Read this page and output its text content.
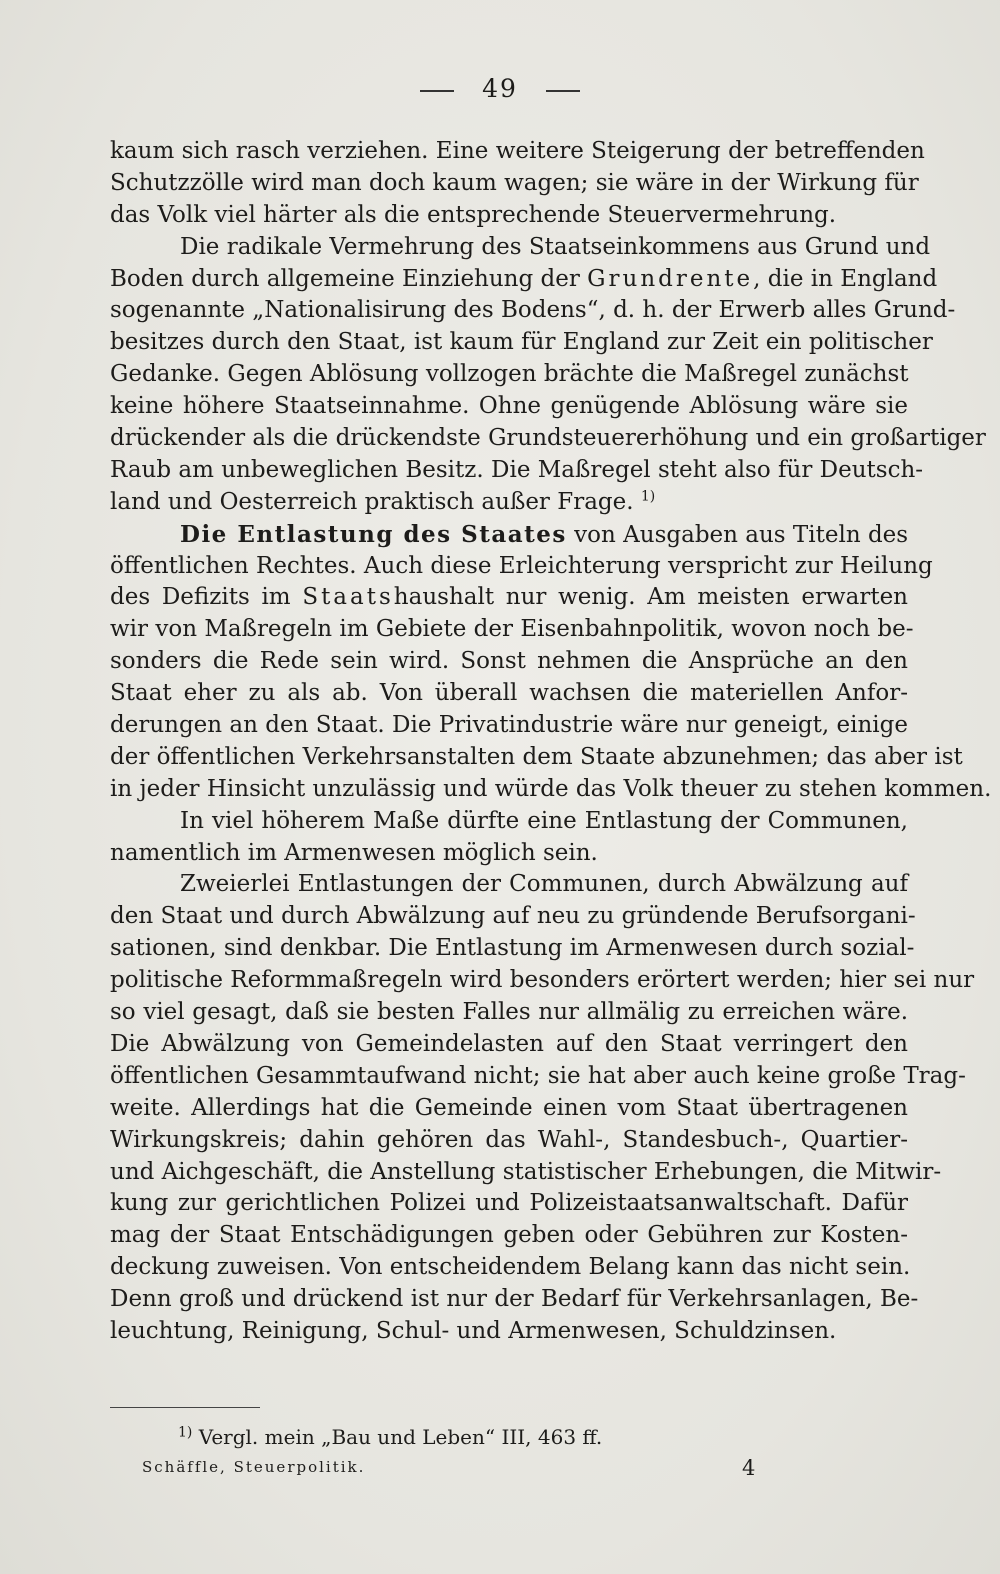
49
kaum sich rasch verziehen. Eine weitere Steigerung der betreffenden
Schutzzölle wird man doch kaum wagen; sie wäre in der Wirkung für
das Volk viel härter als die entsprechende Steuervermehrung.
Die radikale Vermehrung des Staatseinkommens aus Grund und
Boden durch allgemeine Einziehung der Grundrente, die in England
sogenannte „Nationalisirung des Bodens“, d. h. der Erwerb alles Grund-
besitzes durch den Staat, ist kaum für England zur Zeit ein politischer
Gedanke. Gegen Ablösung vollzogen brächte die Maßregel zunächst
keine höhere Staatseinnahme. Ohne genügende Ablösung wäre sie
drückender als die drückendste Grundsteuererhöhung und ein großartiger
Raub am unbeweglichen Besitz. Die Maßregel steht also für Deutsch-
land und Oesterreich praktisch außer Frage. $^{1)}$
Die Entlastung des Staates von Ausgaben aus Titeln des
öffentlichen Rechtes. Auch diese Erleichterung verspricht zur Heilung
des Defizits im Staatshaushalt nur wenig. Am meisten erwarten
wir von Maßregeln im Gebiete der Eisenbahnpolitik, wovon noch be-
sonders die Rede sein wird. Sonst nehmen die Ansprüche an den
Staat eher zu als ab. Von überall wachsen die materiellen Anfor-
derungen an den Staat. Die Privatindustrie wäre nur geneigt, einige
der öffentlichen Verkehrsanstalten dem Staate abzunehmen; das aber ist
in jeder Hinsicht unzulässig und würde das Volk theuer zu stehen kommen.
In viel höherem Maße dürfte eine Entlastung der Communen,
namentlich im Armenwesen möglich sein.
Zweierlei Entlastungen der Communen, durch Abwälzung auf
den Staat und durch Abwälzung auf neu zu gründende Berufsorgani-
sationen, sind denkbar. Die Entlastung im Armenwesen durch sozial-
politische Reformmaßregeln wird besonders erörtert werden; hier sei nur
so viel gesagt, daß sie besten Falles nur allmälig zu erreichen wäre.
Die Abwälzung von Gemeindelasten auf den Staat verringert den
öffentlichen Gesammtaufwand nicht; sie hat aber auch keine große Trag-
weite. Allerdings hat die Gemeinde einen vom Staat übertragenen
Wirkungskreis; dahin gehören das Wahl-, Standesbuch-, Quartier-
und Aichgeschäft, die Anstellung statistischer Erhebungen, die Mitwir-
kung zur gerichtlichen Polizei und Polizeistaatsanwaltschaft. Dafür
mag der Staat Entschädigungen geben oder Gebühren zur Kosten-
deckung zuweisen. Von entscheidendem Belang kann das nicht sein.
Denn groß und drückend ist nur der Bedarf für Verkehrsanlagen, Be-
leuchtung, Reinigung, Schul- und Armenwesen, Schuldzinsen.
$^{1)}$ Vergl. mein „Bau und Leben“ III, 463 ff.
Schäffle, Steuerpolitik.	4
